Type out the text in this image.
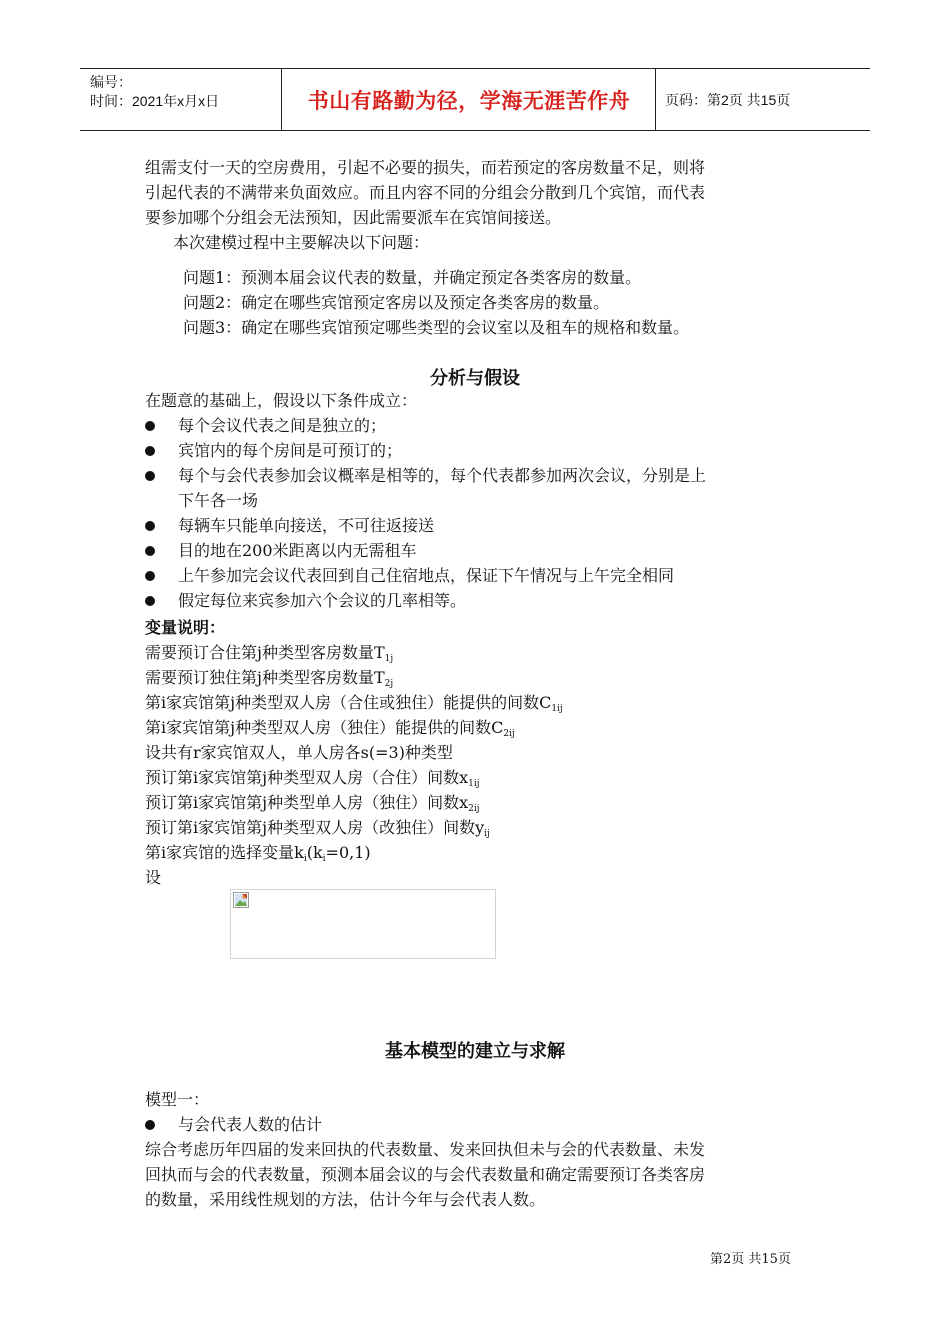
编号：
时间：2021年x月x日	书山有路勤为径，学海无涯苦作舟	页码：第2页 共15页
组需支付一天的空房费用，引起不必要的损失，而若预定的客房数量不足，则将
引起代表的不满带来负面效应。而且内容不同的分组会分散到几个宾馆，而代表
要参加哪个分组会无法预知，因此需要派车在宾馆间接送。
本次建模过程中主要解决以下问题：
问题1：预测本届会议代表的数量，并确定预定各类客房的数量。
问题2：确定在哪些宾馆预定客房以及预定各类客房的数量。
问题3：确定在哪些宾馆预定哪些类型的会议室以及租车的规格和数量。
分析与假设
在题意的基础上，假设以下条件成立：
每个会议代表之间是独立的；
宾馆内的每个房间是可预订的；
每个与会代表参加会议概率是相等的，每个代表都参加两次会议，分别是上
下午各一场
每辆车只能单向接送，不可往返接送
目的地在200米距离以内无需租车
上午参加完会议代表回到自己住宿地点，保证下午情况与上午完全相同
假定每位来宾参加六个会议的几率相等。
变量说明：
需要预订合住第j种类型客房数量$T_{1j}$
需要预订独住第j种类型客房数量$T_{2j}$
第i家宾馆第j种类型双人房（合住或独住）能提供的间数$C_{1ij}$
第i家宾馆第j种类型双人房（独住）能提供的间数$C_{2ij}$
设共有r家宾馆双人，单人房各s(=3)种类型
预订第i家宾馆第j种类型双人房（合住）间数$x_{1ij}$
预订第i家宾馆第j种类型单人房（独住）间数$x_{2ij}$
预订第i家宾馆第j种类型双人房（改独住）间数$y_{ij}$
第i家宾馆的选择变量$k_i(k_i=0,1)$
设
基本模型的建立与求解
模型一：
与会代表人数的估计
综合考虑历年四届的发来回执的代表数量、发来回执但未与会的代表数量、未发
回执而与会的代表数量，预测本届会议的与会代表数量和确定需要预订各类客房
的数量，采用线性规划的方法，估计今年与会代表人数。
第2页 共15页
